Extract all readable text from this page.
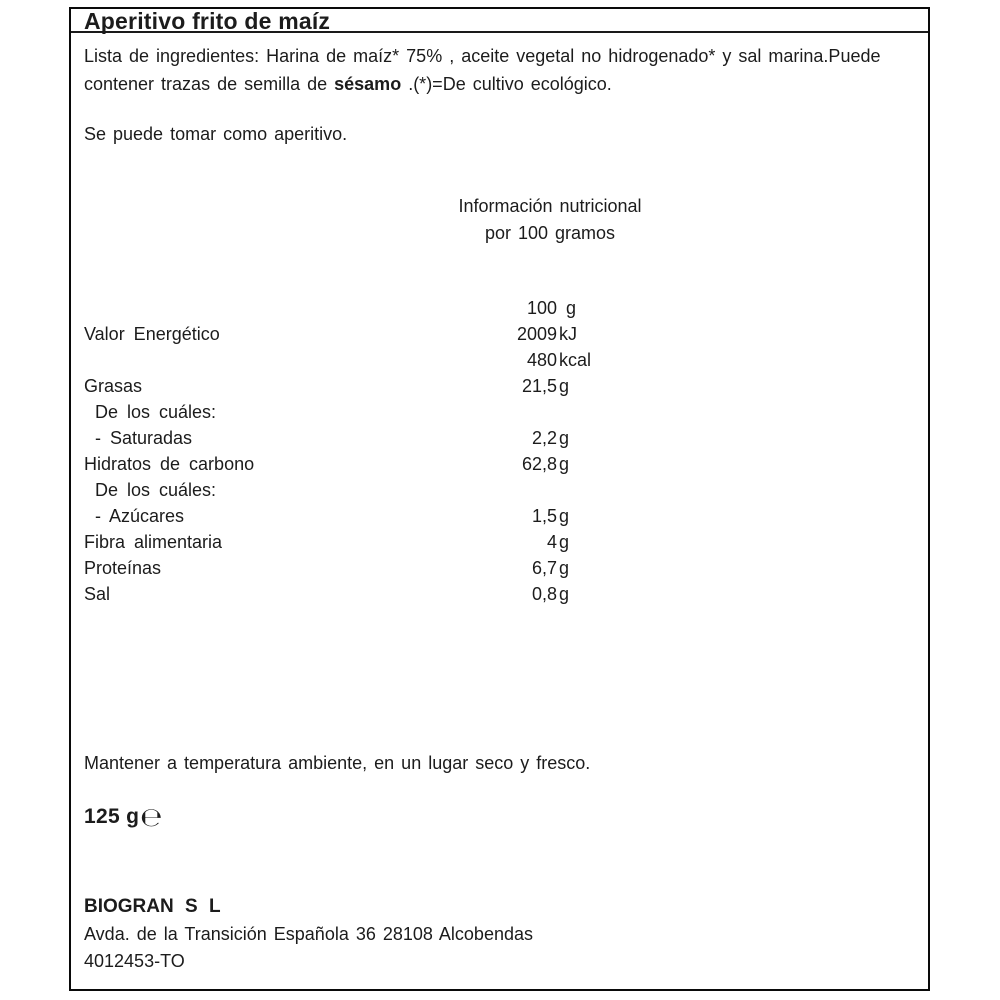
Aperitivo frito de maíz
Lista de ingredientes: Harina de maíz* 75% , aceite vegetal no hidrogenado* y sal marina.Puede contener trazas de semilla de sésamo .(*)=De cultivo ecológico.
Se puede tomar como aperitivo.
Información nutricional
por 100 gramos
100 g
Valor Energético	2009 kJ
480 kcal
Grasas	21,5 g
De los cuáles:
- Saturadas	2,2 g
Hidratos de carbono	62,8 g
De los cuáles:
- Azúcares	1,5 g
Fibra alimentaria	4 g
Proteínas	6,7 g
Sal	0,8 g
Mantener a temperatura ambiente, en un lugar seco y fresco.
125 g℮
BIOGRAN S L
Avda. de la Transición Española 36 28108 Alcobendas
4012453-TO
